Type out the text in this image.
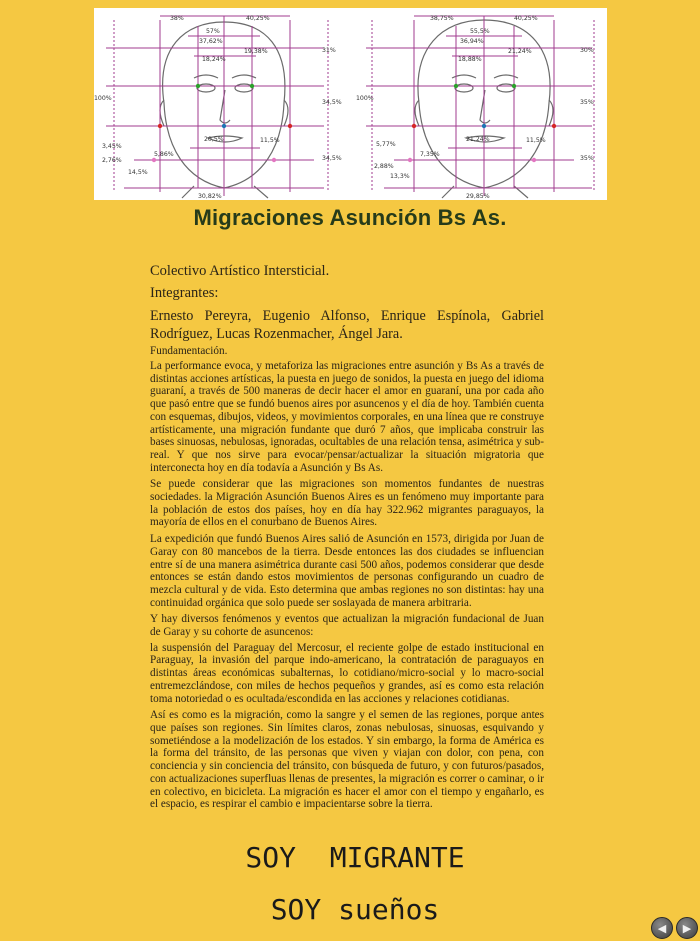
38%	40,25%
57%
37,62%
19,38%
18,24%
20,5%
100%
3,45%
2,76%
14,5%
5,86%
11,5%
31%
34,5%
34,5%
30,82%
38,75%	40,25%
55,5%
36,94%
21,24%
18,88%
21,24%
100%
5,77%
2,88%
13,3%
7,35%
11,5%
30%
35%
35%
29,85%
Migraciones Asunción Bs As.
Colectivo Artístico Intersticial.
Integrantes:
Ernesto Pereyra, Eugenio Alfonso, Enrique Espínola, Gabriel Rodríguez, Lucas Rozenmacher, Ángel Jara.
Fundamentación.

La performance evoca, y metaforiza las migraciones entre asunción y Bs As a través de distintas acciones artísticas, la puesta en juego de sonidos, la puesta en juego del idioma guaraní, a través de 500 maneras de decir hacer el amor en guaraní, una por cada año que pasó entre que se fundó buenos aires por asuncenos y el día de hoy. También cuenta con esquemas, dibujos, videos, y movimientos corporales, en una línea que re construye artísticamente, una migración fundante que duró 7 años, que implicaba construir las bases sinuosas, nebulosas, ignoradas, ocultables de una relación tensa, asimétrica y sub-real. Y que nos sirve para evocar/pensar/actualizar la situación migratoria que interconecta hoy en día todavía a Asunción y Bs As.

Se puede considerar que las migraciones son momentos fundantes de nuestras sociedades. la Migración Asunción Buenos Aires es un fenómeno muy importante para la población de estos dos países, hoy en día hay 322.962 migrantes paraguayos, la mayoría de ellos en el conurbano de Buenos Aires.

La expedición que fundó Buenos Aires salió de Asunción en 1573, dirigida por Juan de Garay con 80 mancebos de la tierra. Desde entonces las dos ciudades se influencian entre sí de una manera asimétrica durante casi 500 años, podemos considerar que desde entonces se están dando estos movimientos de personas configurando un cuadro de mezcla cultural y de vida. Esto determina que ambas regiones no son distintas: hay una continuidad orgánica que solo puede ser soslayada de manera arbitraria.

Y hay diversos fenómenos y eventos que actualizan la migración fundacional de Juan de Garay y su cohorte de asuncenos:

la suspensión del Paraguay del Mercosur, el reciente golpe de estado institucional en Paraguay, la invasión del parque indo-americano, la contratación de paraguayos en distintas áreas económicas subalternas, lo cotidiano/micro-social y lo macro-social entremezclándose, con miles de hechos pequeños y grandes, así es como esta relación toma notoriedad o es ocultada/escondida en las acciones y relaciones cotidianas.

Así es como es la migración, como la sangre y el semen de las regiones, porque antes que países son regiones. Sin límites claros, zonas nebulosas, sinuosas, esquivando y sometiéndose a la modelización de los estados. Y sin embargo, la forma de América es la forma del tránsito, de las personas que viven y viajan con dolor, con pena, con conciencia y sin conciencia del tránsito, con búsqueda de futuro, y con futuros/pasados, con actualizaciones superfluas llenas de presentes, la migración es correr o caminar, o ir en colectivo, en bicicleta. La migración es hacer el amor con el tiempo y engañarlo, es el espacio, es respirar el cambio e impacientarse sobre la tierra.

SOY  MIGRANTE
SOY sueños
◀ ▶
